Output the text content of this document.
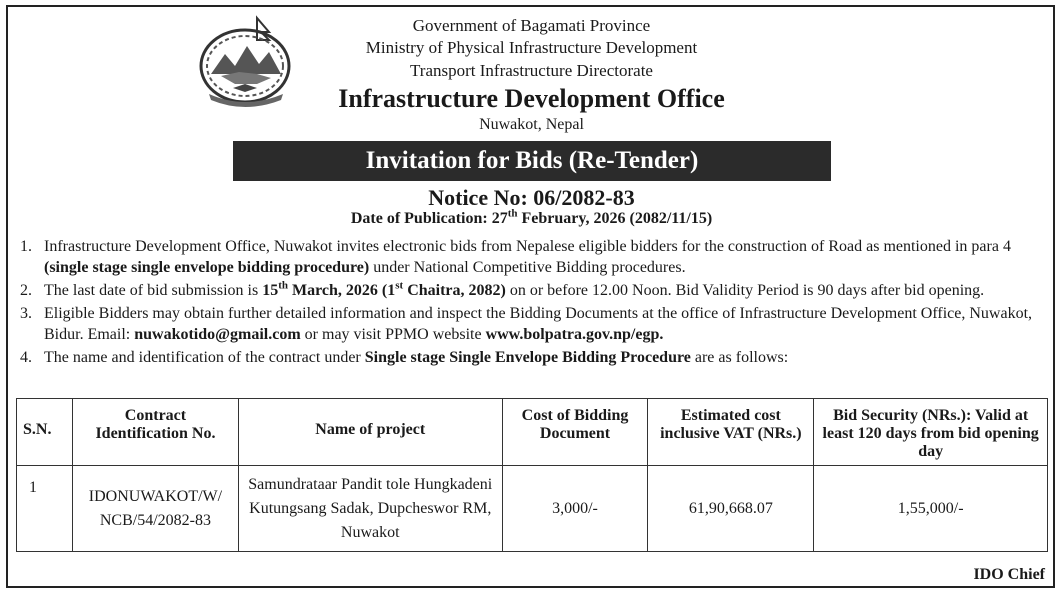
Government of Bagamati Province
Ministry of Physical Infrastructure Development
Transport Infrastructure Directorate
Infrastructure Development Office
Nuwakot, Nepal
Invitation for Bids (Re-Tender)
Notice No: 06/2082-83
Date of Publication: 27th February, 2026 (2082/11/15)
1. Infrastructure Development Office, Nuwakot invites electronic bids from Nepalese eligible bidders for the construction of Road as mentioned in para 4 (single stage single envelope bidding procedure) under National Competitive Bidding procedures.
2. The last date of bid submission is 15th March, 2026 (1st Chaitra, 2082) on or before 12.00 Noon. Bid Validity Period is 90 days after bid opening.
3. Eligible Bidders may obtain further detailed information and inspect the Bidding Documents at the office of Infrastructure Development Office, Nuwakot, Bidur. Email: nuwakotido@gmail.com or may visit PPMO website www.bolpatra.gov.np/egp.
4. The name and identification of the contract under Single stage Single Envelope Bidding Procedure are as follows:
S.N.	Contract Identification No.	Name of project	Cost of Bidding Document	Estimated cost inclusive VAT (NRs.)	Bid Security (NRs.): Valid at least 120 days from bid opening day
1	IDONUWAKOT/W/ NCB/54/2082-83	Samundrataar Pandit tole Hungkadeni Kutungsang Sadak, Dupcheswor RM, Nuwakot	3,000/-	61,90,668.07	1,55,000/-
IDO Chief
